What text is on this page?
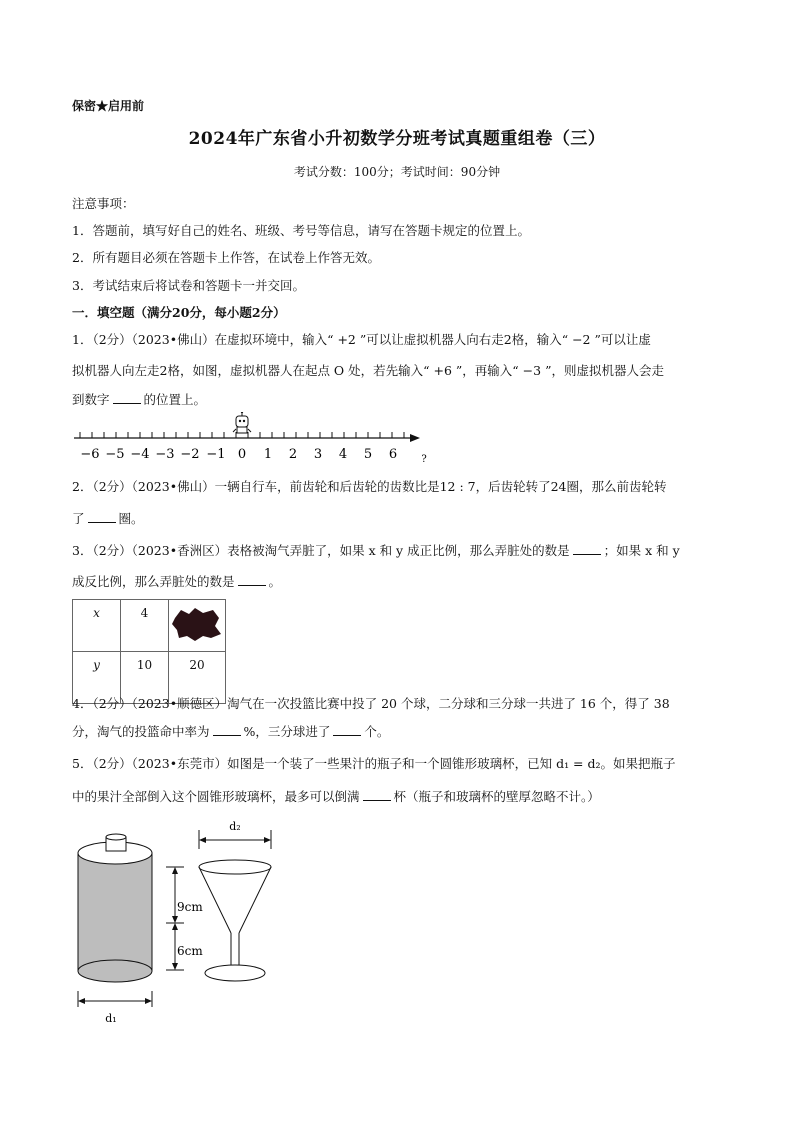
保密★启用前
2024年广东省小升初数学分班考试真题重组卷（三）
考试分数：100分；考试时间：90分钟
注意事项：
1．答题前，填写好自己的姓名、班级、考号等信息，请写在答题卡规定的位置上。
2．所有题目必须在答题卡上作答，在试卷上作答无效。
3．考试结束后将试卷和答题卡一并交回。
一．填空题（满分20分，每小题2分）
1．（2分）（2023•佛山）在虚拟环境中，输入“ +2 ”可以让虚拟机器人向右走2格，输入“ −2 ”可以让虚
拟机器人向左走2格，如图，虚拟机器人在起点 O 处，若先输入“ +6 ”，再输入“ −3 ”，则虚拟机器人会走
到数字	的位置上。
−6 −5 −4 −3 −2 −1 0 1 2 3 4 5 6 ?
2．（2分）（2023•佛山）一辆自行车，前齿轮和后齿轮的齿数比是12 : 7，后齿轮转了24圈，那么前齿轮转
了	圈。
3．（2分）（2023•香洲区）表格被淘气弄脏了，如果 x 和 y 成正比例，那么弄脏处的数是	；如果 x 和 y
成反比例，那么弄脏处的数是	。
x	4	
y	10	20
4．（2分）（2023•顺德区）淘气在一次投篮比赛中投了 20 个球，二分球和三分球一共进了 16 个，得了 38
分，淘气的投篮命中率为	%，三分球进了	个。
5．（2分）（2023•东莞市）如图是一个装了一些果汁的瓶子和一个圆锥形玻璃杯，已知 d₁ = d₂。如果把瓶子
中的果汁全部倒入这个圆锥形玻璃杯，最多可以倒满	杯（瓶子和玻璃杯的壁厚忽略不计。）
d₁
d₂
9cm
6cm
